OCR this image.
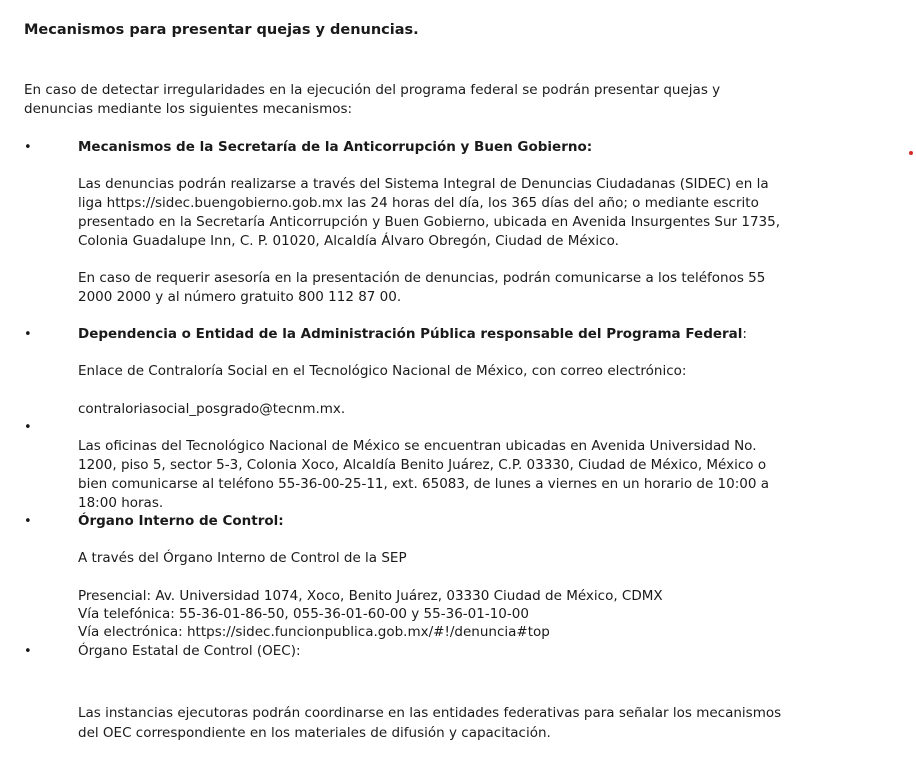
Mecanismos para presentar quejas y denuncias.
En caso de detectar irregularidades en la ejecución del programa federal se podrán presentar quejas y denuncias mediante los siguientes mecanismos:
•	Mecanismos de la Secretaría de la Anticorrupción y Buen Gobierno:
Las denuncias podrán realizarse a través del Sistema Integral de Denuncias Ciudadanas (SIDEC) en la liga https://sidec.buengobierno.gob.mx las 24 horas del día, los 365 días del año; o mediante escrito presentado en la Secretaría Anticorrupción y Buen Gobierno, ubicada en Avenida Insurgentes Sur 1735, Colonia Guadalupe Inn, C. P. 01020, Alcaldía Álvaro Obregón, Ciudad de México.
En caso de requerir asesoría en la presentación de denuncias, podrán comunicarse a los teléfonos 55 2000 2000 y al número gratuito 800 112 87 00.
•	Dependencia o Entidad de la Administración Pública responsable del Programa Federal:
Enlace de Contraloría Social en el Tecnológico Nacional de México, con correo electrónico:
contraloriasocial_posgrado@tecnm.mx.
•
Las oficinas del Tecnológico Nacional de México se encuentran ubicadas en Avenida Universidad No. 1200, piso 5, sector 5-3, Colonia Xoco, Alcaldía Benito Juárez, C.P. 03330, Ciudad de México, México o bien comunicarse al teléfono 55-36-00-25-11, ext. 65083, de lunes a viernes en un horario de 10:00 a 18:00 horas.
•	Órgano Interno de Control:
A través del Órgano Interno de Control de la SEP
Presencial: Av. Universidad 1074, Xoco, Benito Juárez, 03330 Ciudad de México, CDMX
Vía telefónica: 55-36-01-86-50, 055-36-01-60-00 y 55-36-01-10-00
Vía electrónica: https://sidec.funcionpublica.gob.mx/#!/denuncia#top
•	Órgano Estatal de Control (OEC):
Las instancias ejecutoras podrán coordinarse en las entidades federativas para señalar los mecanismos del OEC correspondiente en los materiales de difusión y capacitación.
